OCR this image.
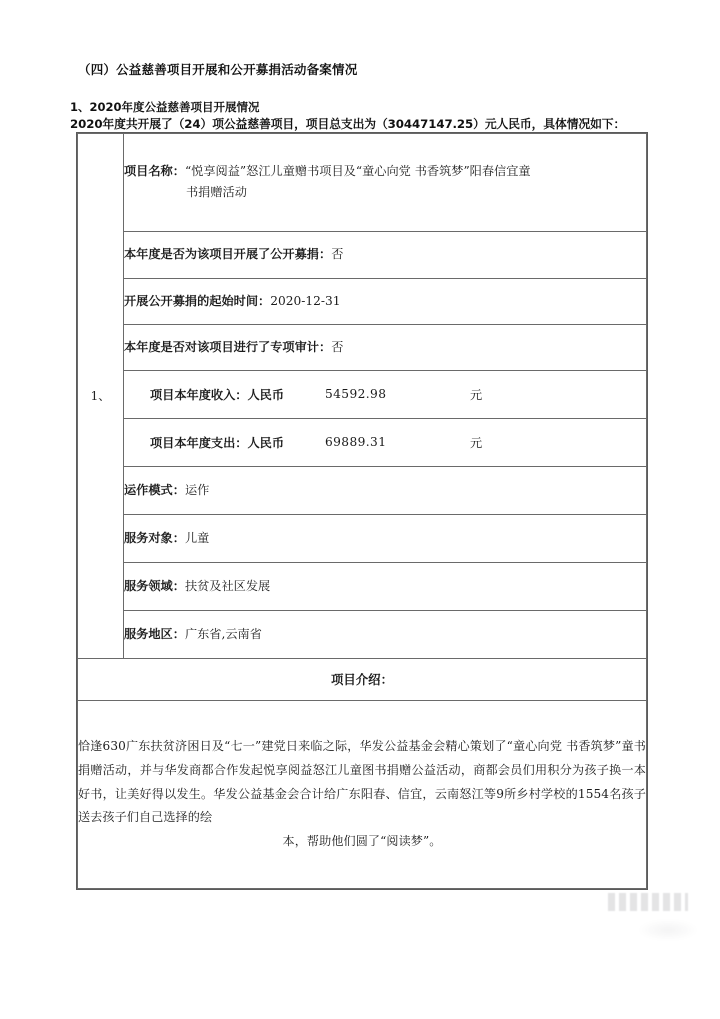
（四）公益慈善项目开展和公开募捐活动备案情况
1、2020年度公益慈善项目开展情况
2020年度共开展了（24）项公益慈善项目，项目总支出为（30447147.25）元人民币，具体情况如下：
1、	项目名称：“悦享阅益”怒江儿童赠书项目及“童心向党 书香筑梦”阳春信宜童
书捐赠活动

本年度是否为该项目开展了公开募捐：否
开展公开募捐的起始时间：2020-12-31
本年度是否对该项目进行了专项审计：否

项目本年度收入：人民币	54592.98	元

项目本年度支出：人民币	69889.31	元

运作模式：运作
服务对象：儿童
服务领域：扶贫及社区发展
服务地区：广东省,云南省
项目介绍：

恰逢630广东扶贫济困日及“七一”建党日来临之际，华发公益基金会精心策划了“童心向党 书香筑梦”童书捐赠活动，并与华发商都合作发起悦享阅益怒江儿童图书捐赠公益活动，商都会员们用积分为孩子换一本好书，让美好得以发生。华发公益基金会合计给广东阳春、信宜，云南怒江等9所乡村学校的1554名孩子送去孩子们自己选择的绘
本，帮助他们圆了“阅读梦”。
